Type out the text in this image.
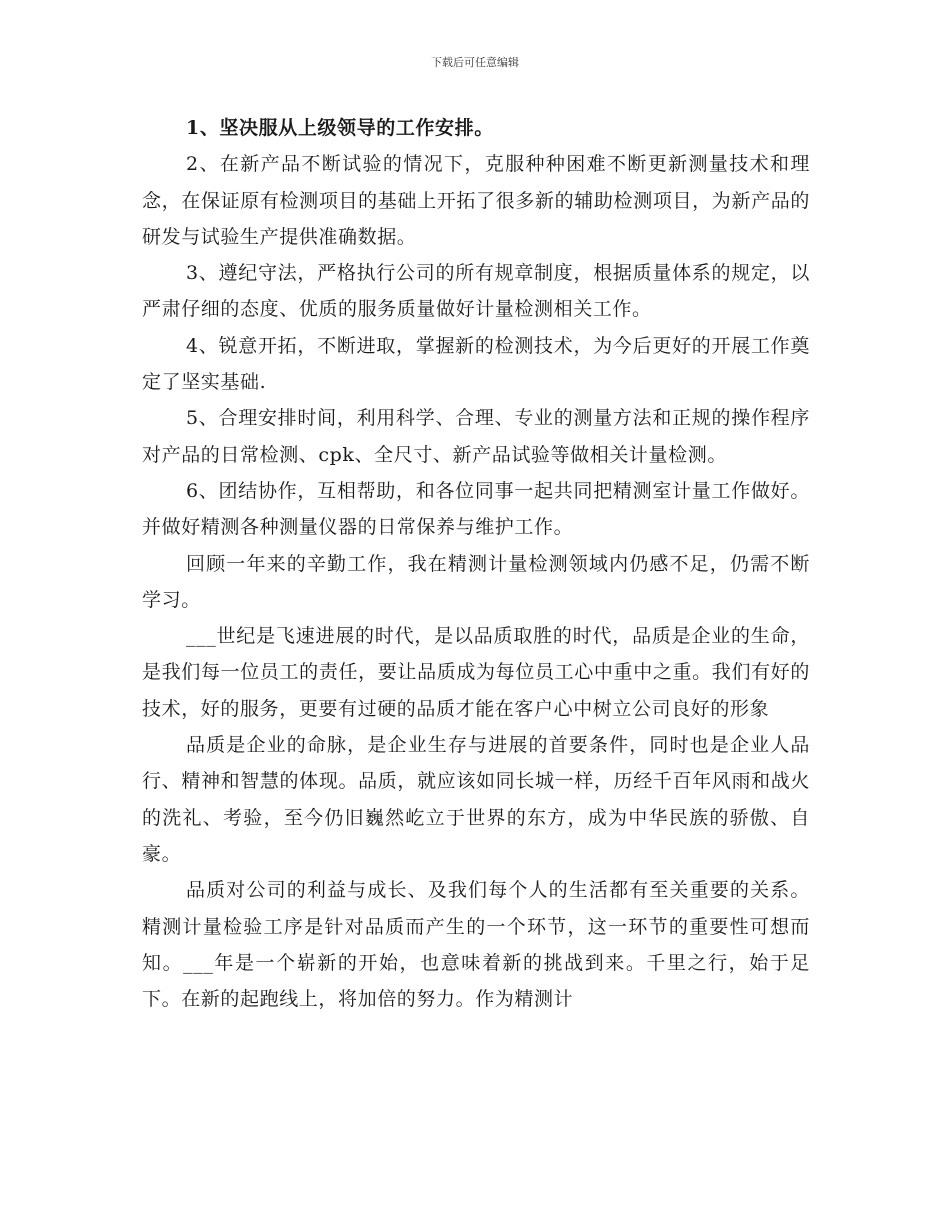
下载后可任意编辑

1、坚决服从上级领导的工作安排。

2、在新产品不断试验的情况下，克服种种困难不断更新测量技术和理念，在保证原有检测项目的基础上开拓了很多新的辅助检测项目，为新产品的研发与试验生产提供准确数据。

3、遵纪守法，严格执行公司的所有规章制度，根据质量体系的规定，以严肃仔细的态度、优质的服务质量做好计量检测相关工作。

4、锐意开拓，不断进取，掌握新的检测技术，为今后更好的开展工作奠定了坚实基础.

5、合理安排时间，利用科学、合理、专业的测量方法和正规的操作程序对产品的日常检测、cpk、全尺寸、新产品试验等做相关计量检测。

6、团结协作，互相帮助，和各位同事一起共同把精测室计量工作做好。并做好精测各种测量仪器的日常保养与维护工作。

回顾一年来的辛勤工作，我在精测计量检测领域内仍感不足，仍需不断学习。

___世纪是飞速进展的时代，是以品质取胜的时代，品质是企业的生命，是我们每一位员工的责任，要让品质成为每位员工心中重中之重。我们有好的技术，好的服务，更要有过硬的品质才能在客户心中树立公司良好的形象

品质是企业的命脉，是企业生存与进展的首要条件，同时也是企业人品行、精神和智慧的体现。品质，就应该如同长城一样，历经千百年风雨和战火的洗礼、考验，至今仍旧巍然屹立于世界的东方，成为中华民族的骄傲、自豪。

品质对公司的利益与成长、及我们每个人的生活都有至关重要的关系。精测计量检验工序是针对品质而产生的一个环节，这一环节的重要性可想而知。___年是一个崭新的开始，也意味着新的挑战到来。千里之行，始于足下。在新的起跑线上，将加倍的努力。作为精测计
